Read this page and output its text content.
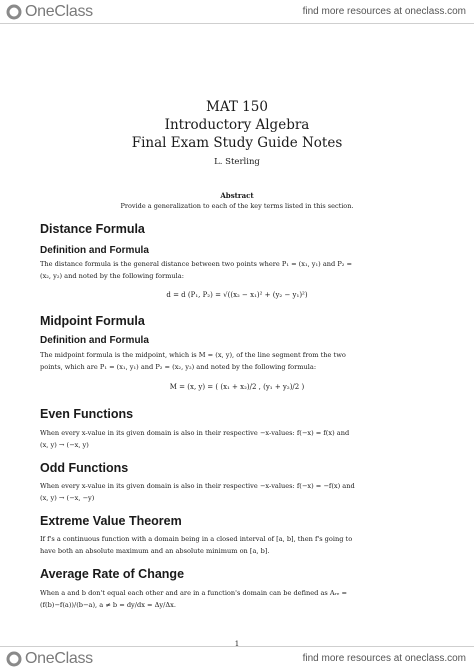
OneClass	find more resources at oneclass.com
MAT 150
Introductory Algebra
Final Exam Study Guide Notes
L. Sterling
Abstract
Provide a generalization to each of the key terms listed in this section.
Distance Formula
Definition and Formula
The distance formula is the general distance between two points where P₁ = (x₁, y₁) and P₂ =
(x₂, y₂) and noted by the following formula:
d = d (P₁, P₂) = √((x₂ − x₁)² + (y₂ − y₁)²)
Midpoint Formula
Definition and Formula
The midpoint formula is the midpoint, which is M = (x, y), of the line segment from the two
points, which are P₁ = (x₁, y₁) and P₂ = (x₂, y₂) and noted by the following formula:
M = (x, y) = ( (x₁ + x₂)/2 , (y₁ + y₂)/2 )
Even Functions
When every x-value in its given domain is also in their respective −x-values: f(−x) = f(x) and
(x, y) → (−x, y)
Odd Functions
When every x-value in its given domain is also in their respective −x-values: f(−x) = −f(x) and
(x, y) → (−x, −y)
Extreme Value Theorem
If f's a continuous function with a domain being in a closed interval of [a, b], then f's going to
have both an absolute maximum and an absolute minimum on [a, b].
Average Rate of Change
When a and b don't equal each other and are in a function's domain can be defined as Aᵣₑ =
(f(b)−f(a))/(b−a), a ≠ b = dy/dx = Δy/Δx.
1
OneClass	find more resources at oneclass.com
